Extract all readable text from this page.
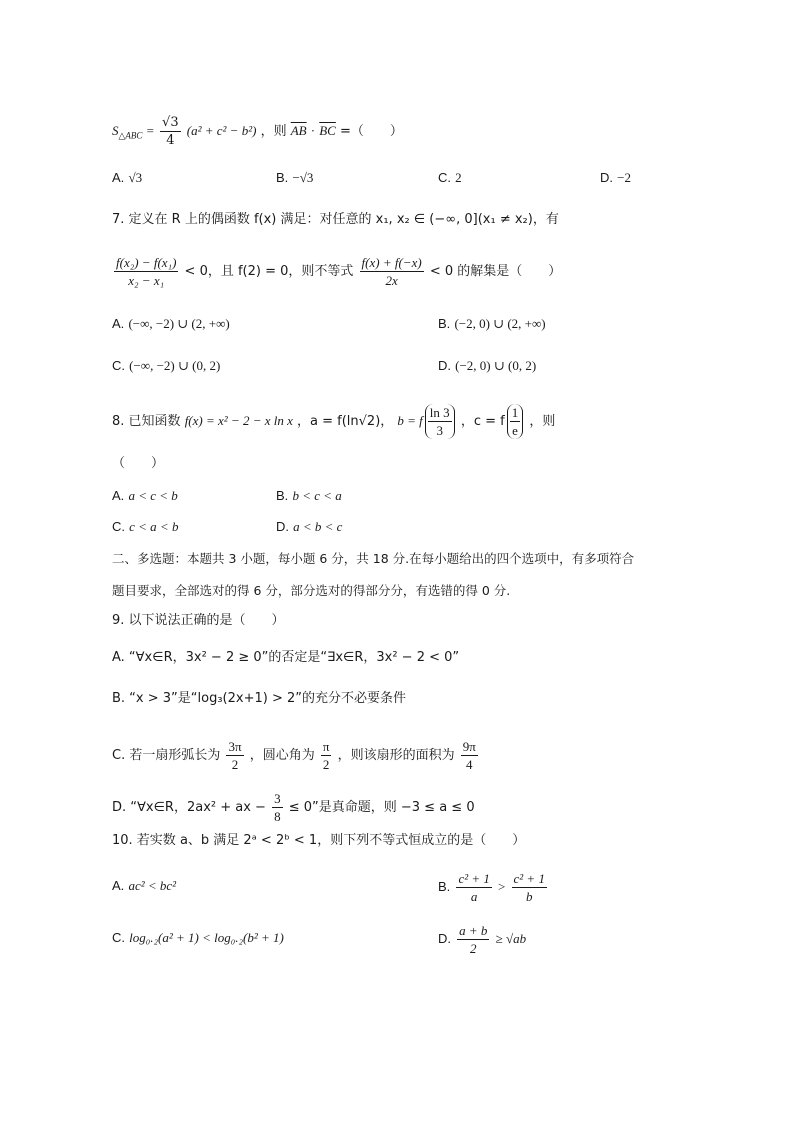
$S_{\triangle ABC} = \frac{√3}{4} (a^2 + c^2 - b^2)$ ，则 $\overline{AB} \cdot \overline{BC}$ =（　　）
A. √3	B. −√3	C. 2	D. −2
7. 定义在 R 上的偶函数 f(x) 满足：对任意的 x₁, x₂ ∈ (−∞, 0](x₁ ≠ x₂)，有
$\frac{\text{f(x₂) − f(x₁)}}{\text{x₂ − x₁}} < 0$，且 f(2) = 0，则不等式 $\frac{f(x) + f(-x)}{2x} < 0$ 的解集是（　　）
A. (−∞, −2) ∪ (2, +∞)	B. (−2, 0) ∪ (2, +∞)
C. (−∞, −2) ∪ (0, 2)	D. (−2, 0) ∪ (0, 2)
8. 已知函数 f(x) = x² − 2 − x ln x ，a = f(ln√2)， b = f $\frac{\ln 3}{3}$ ，c = f $\frac{1}{e}$ ，则
（　　）
A. a < c < b	B. b < c < a
C. c < a < b	D. a < b < c
二、多选题：本题共 3 小题，每小题 6 分，共 18 分.在每小题给出的四个选项中，有多项符合
题目要求，全部选对的得 6 分，部分选对的得部分分，有选错的得 0 分.
9. 以下说法正确的是（　　）
A. “∀x∈R，3x² − 2 ≥ 0”的否定是“∃x∈R，3x² − 2 < 0”
B. “x > 3”是“log₃(2x+1) > 2”的充分不必要条件
C. 若一扇形弧长为 $\frac{3\pi}{2}$ ，圆心角为 $\frac{\pi}{2}$ ，则该扇形的面积为 $\frac{9\pi}{4}$
D. “∀x∈R，2ax² + ax − $\frac{3}{8} \le 0$”是真命题，则 −3 ≤ a ≤ 0
10. 若实数 a、b 满足 2ᵃ < 2ᵇ < 1，则下列不等式恒成立的是（　　）
A. ac² < bc²	B. $\frac{\text{c² + 1}}{a} > \frac{\text{c² + 1}}{b}$
C. log₀.₂(a² + 1) < log₀.₂(b² + 1)	D. $\frac{a + b}{2} \ge √ab$
